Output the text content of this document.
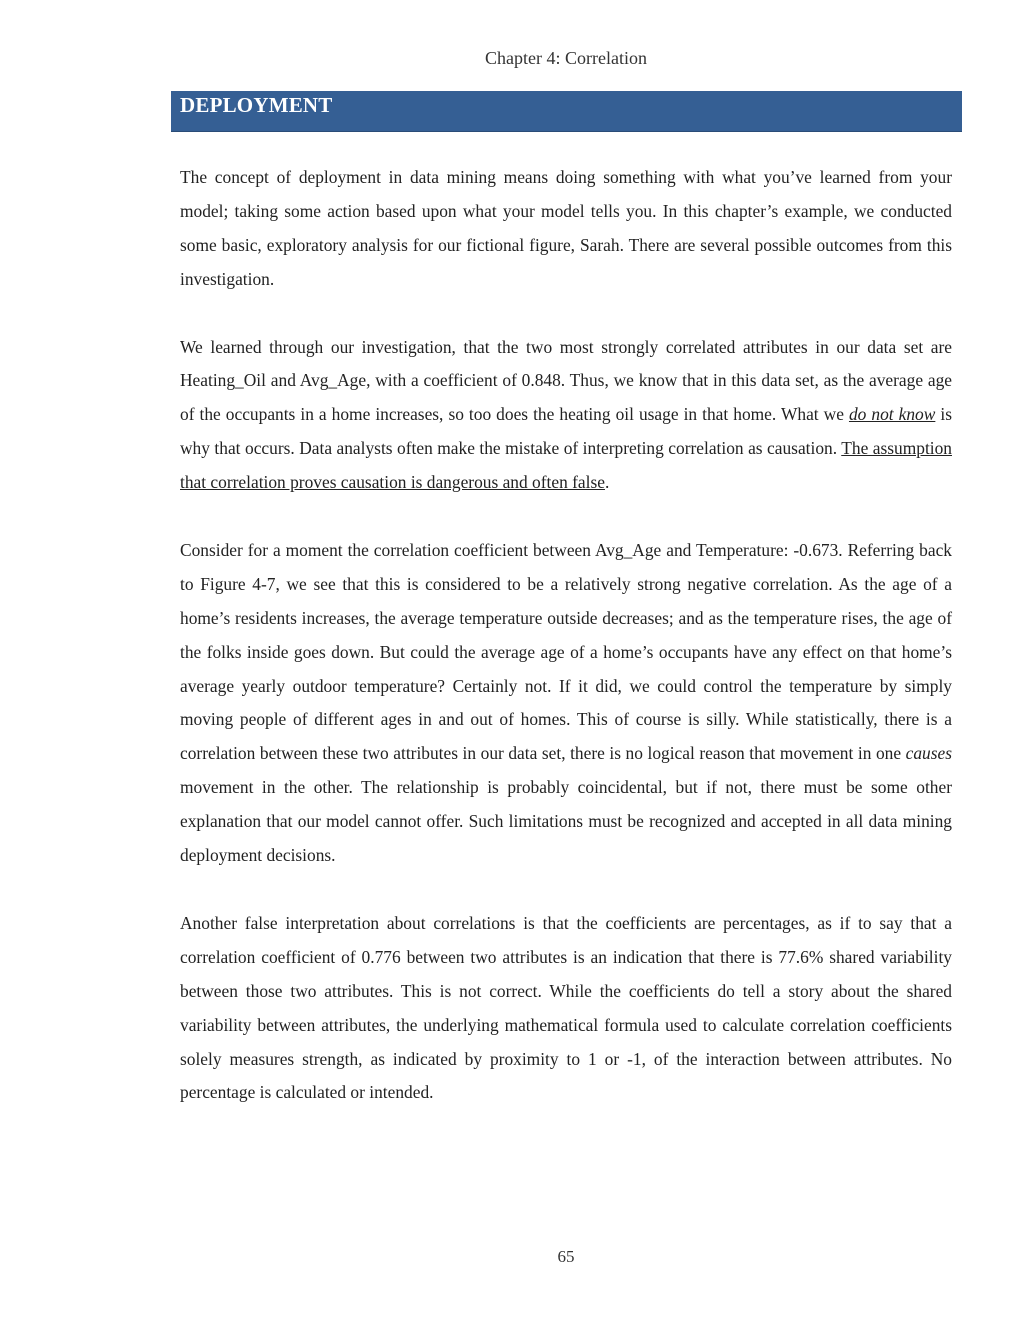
Chapter 4: Correlation
DEPLOYMENT

The concept of deployment in data mining means doing something with what you’ve learned from your model; taking some action based upon what your model tells you. In this chapter’s example, we conducted some basic, exploratory analysis for our fictional figure, Sarah. There are several possible outcomes from this investigation.

We learned through our investigation, that the two most strongly correlated attributes in our data set are Heating_Oil and Avg_Age, with a coefficient of 0.848. Thus, we know that in this data set, as the average age of the occupants in a home increases, so too does the heating oil usage in that home. What we do not know is why that occurs. Data analysts often make the mistake of interpreting correlation as causation. The assumption that correlation proves causation is dangerous and often false.

Consider for a moment the correlation coefficient between Avg_Age and Temperature: -0.673. Referring back to Figure 4-7, we see that this is considered to be a relatively strong negative correlation. As the age of a home’s residents increases, the average temperature outside decreases; and as the temperature rises, the age of the folks inside goes down. But could the average age of a home’s occupants have any effect on that home’s average yearly outdoor temperature? Certainly not. If it did, we could control the temperature by simply moving people of different ages in and out of homes. This of course is silly. While statistically, there is a correlation between these two attributes in our data set, there is no logical reason that movement in one causes movement in the other. The relationship is probably coincidental, but if not, there must be some other explanation that our model cannot offer. Such limitations must be recognized and accepted in all data mining deployment decisions.

Another false interpretation about correlations is that the coefficients are percentages, as if to say that a correlation coefficient of 0.776 between two attributes is an indication that there is 77.6% shared variability between those two attributes. This is not correct. While the coefficients do tell a story about the shared variability between attributes, the underlying mathematical formula used to calculate correlation coefficients solely measures strength, as indicated by proximity to 1 or -1, of the interaction between attributes. No percentage is calculated or intended.

65
